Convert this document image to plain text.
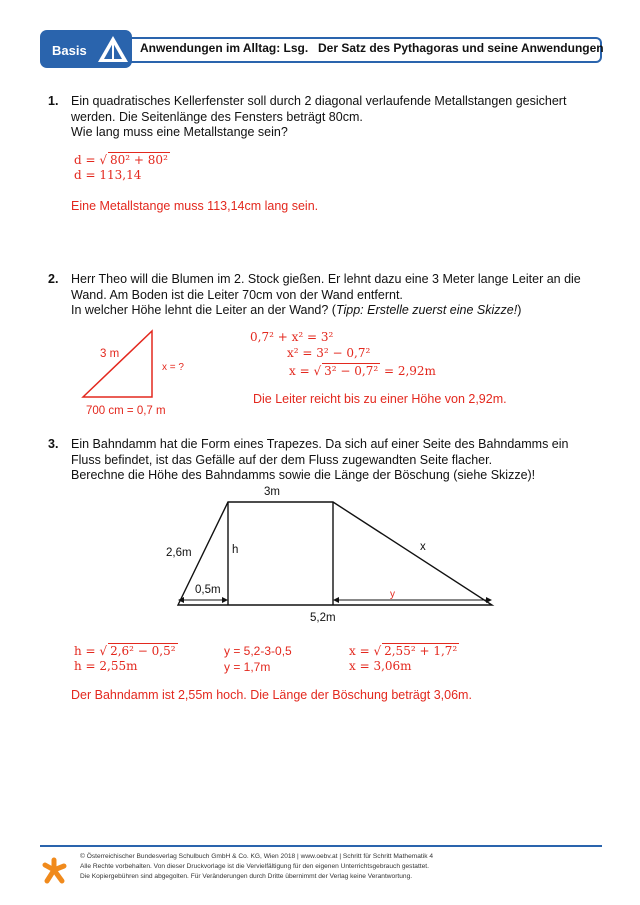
Basis	Anwendungen im Alltag: Lsg. Der Satz des Pythagoras und seine Anwendungen
1. Ein quadratisches Kellerfenster soll durch 2 diagonal verlaufende Metallstangen gesichert
werden. Die Seitenlänge des Fensters beträgt 80cm.
Wie lang muss eine Metallstange sein?
d = √ 80² + 80²
d = 113,14
Eine Metallstange muss 113,14cm lang sein.
2. Herr Theo will die Blumen im 2. Stock gießen. Er lehnt dazu eine 3 Meter lange Leiter an die
Wand. Am Boden ist die Leiter 70cm von der Wand entfernt.
In welcher Höhe lehnt die Leiter an der Wand? (Tipp: Erstelle zuerst eine Skizze!)
3 m
x = ?
700 cm = 0,7 m
0,7² + x² = 3²
x² = 3² − 0,7²
x = √ 3² − 0,7² = 2,92m
Die Leiter reicht bis zu einer Höhe von 2,92m.
3. Ein Bahndamm hat die Form eines Trapezes. Da sich auf einer Seite des Bahndamms ein
Fluss befindet, ist das Gefälle auf der dem Fluss zugewandten Seite flacher.
Berechne die Höhe des Bahndamms sowie die Länge der Böschung (siehe Skizze)!
3m
2,6m	h
0,5m
x
y
5,2m
h = √ 2,6² − 0,5²
h = 2,55m
y = 5,2-3-0,5
y = 1,7m
x = √ 2,55² + 1,7²
x = 3,06m
Der Bahndamm ist 2,55m hoch. Die Länge der Böschung beträgt 3,06m.
© Österreichischer Bundesverlag Schulbuch GmbH & Co. KG, Wien 2018 | www.oebv.at | Schritt für Schritt Mathematik 4
Alle Rechte vorbehalten. Von dieser Druckvorlage ist die Vervielfältigung für den eigenen Unterrichtsgebrauch gestattet.
Die Kopiergebühren sind abgegolten. Für Veränderungen durch Dritte übernimmt der Verlag keine Verantwortung.
